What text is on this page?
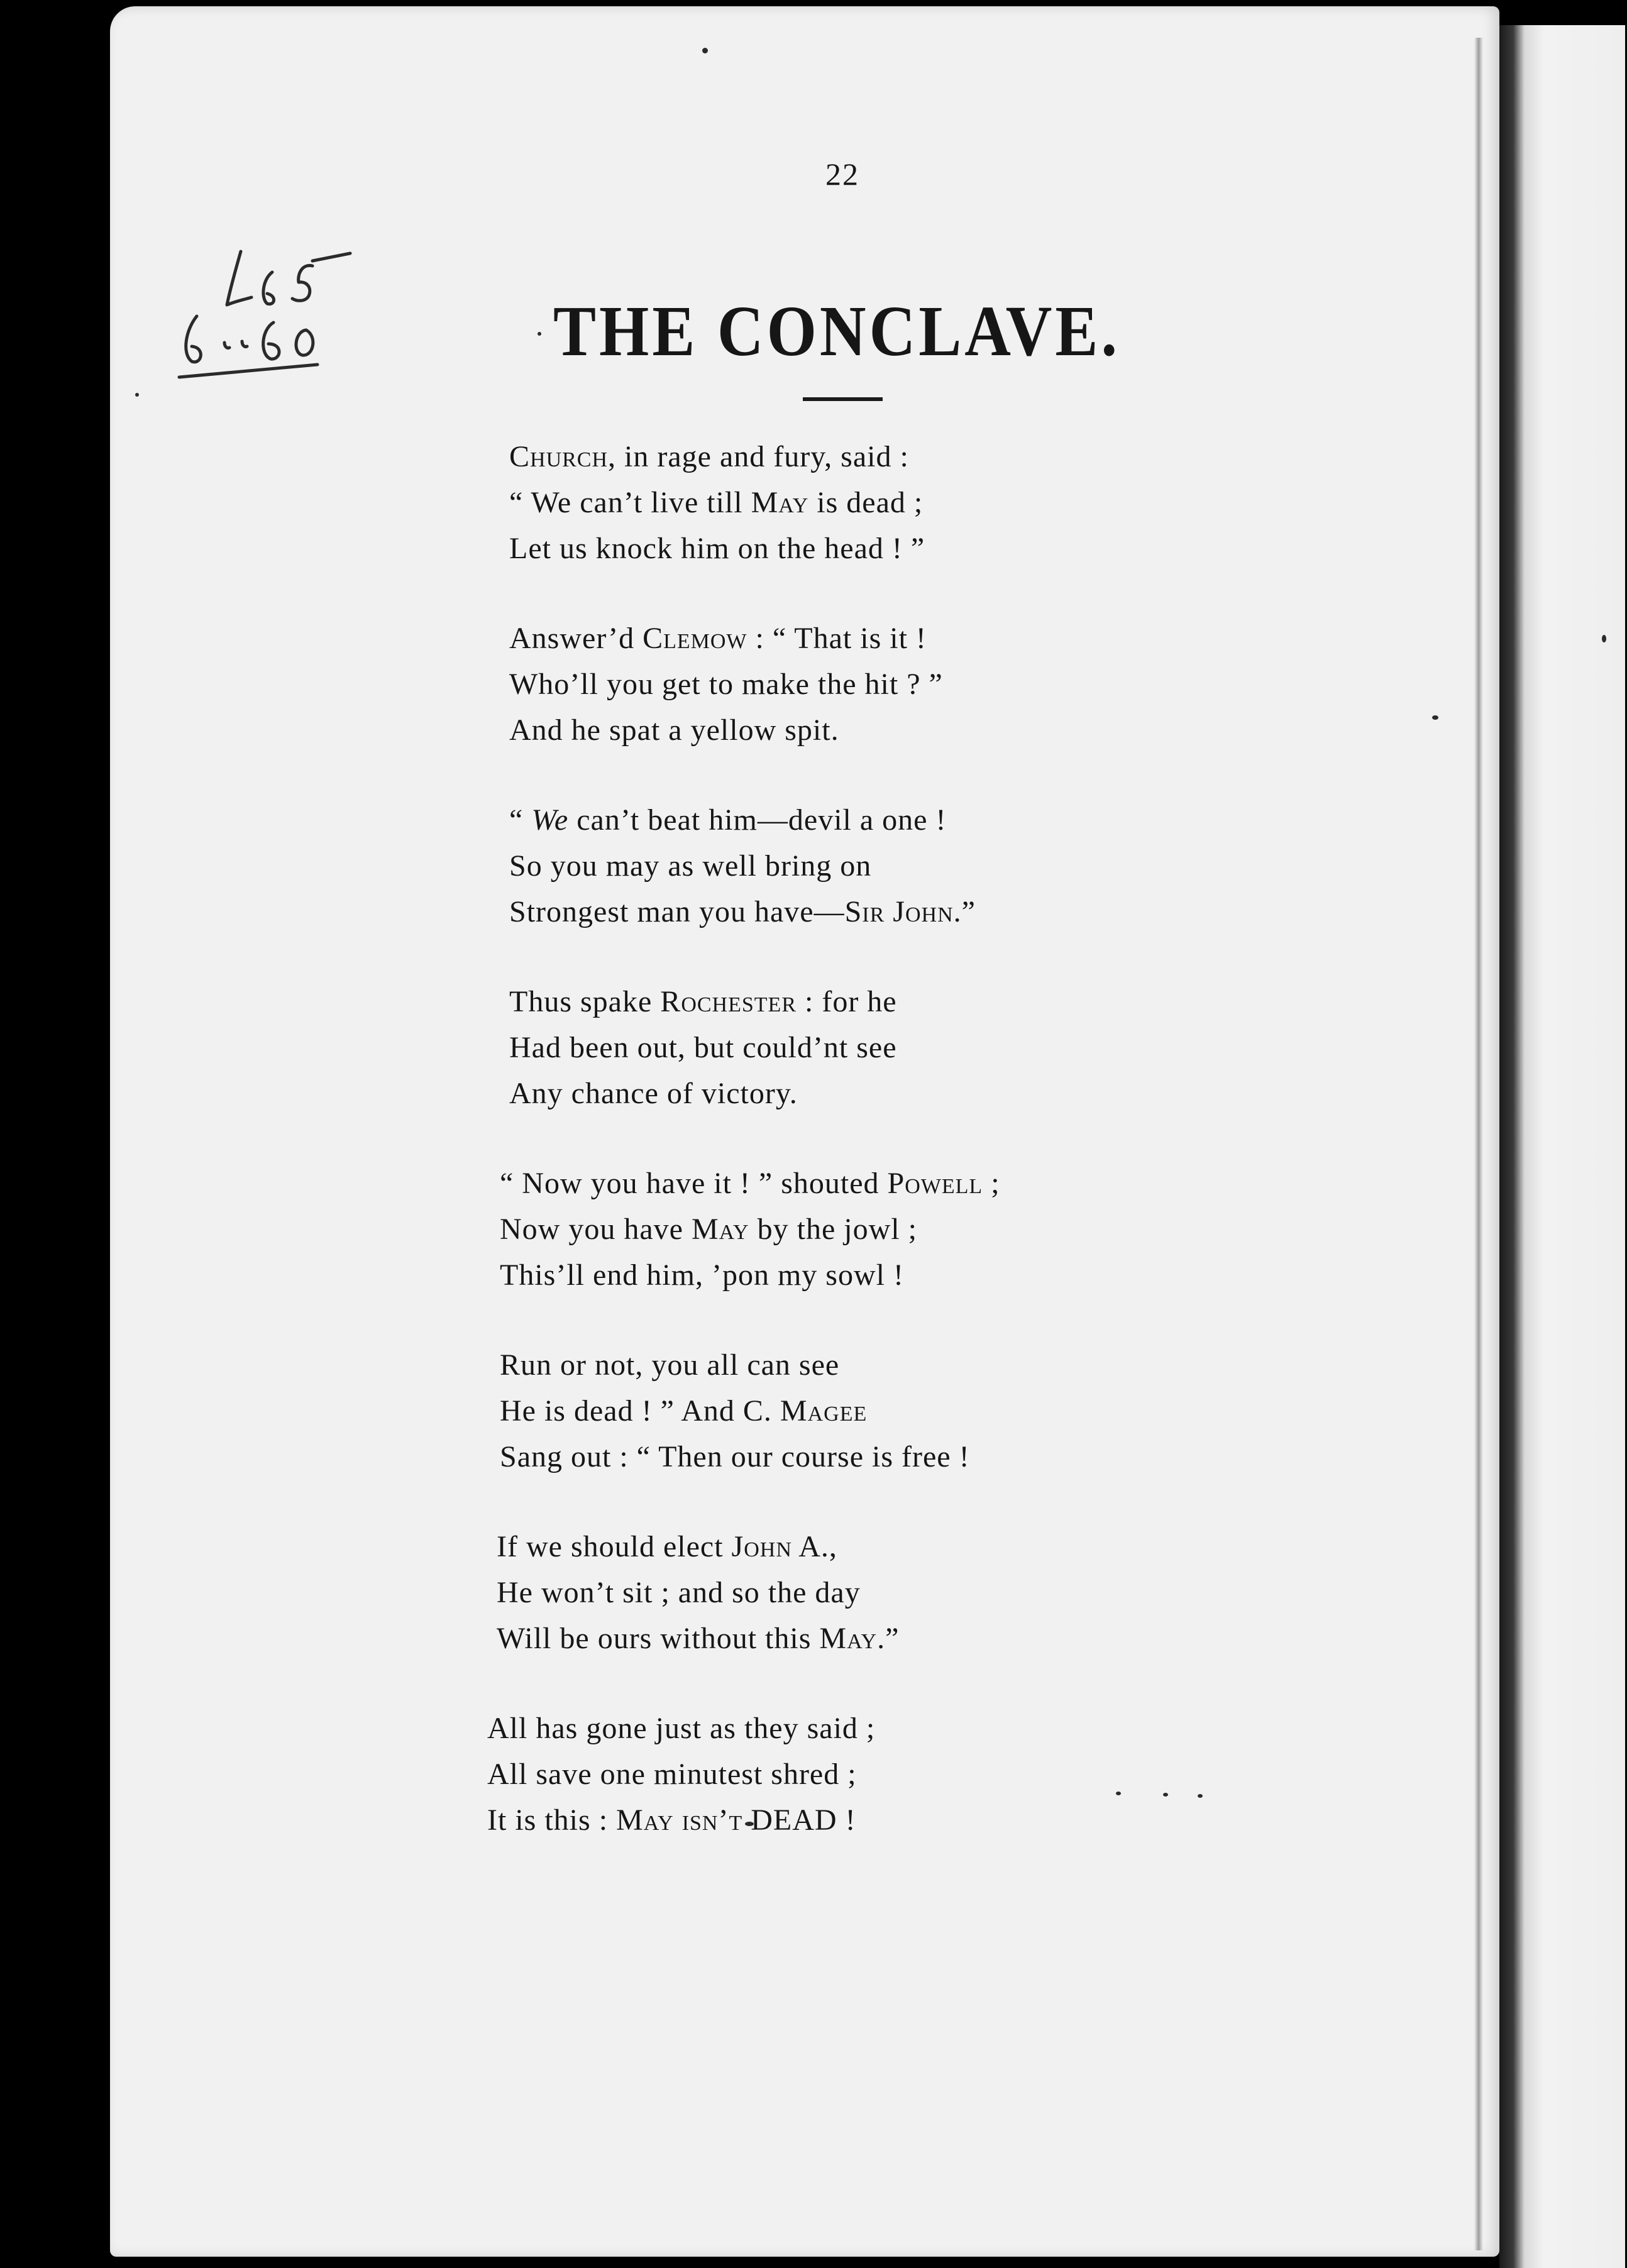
22
THE CONCLAVE.
Church, in rage and fury, said :
“ We can’t live till May is dead ;
Let us knock him on the head ! ”
Answer’d Clemow : “ That is it !
Who’ll you get to make the hit ? ”
And he spat a yellow spit.
“ We can’t beat him—devil a one !
So you may as well bring on
Strongest man you have—Sir John.”
Thus spake Rochester : for he
Had been out, but could’nt see
Any chance of victory.
“ Now you have it ! ” shouted Powell ;
Now you have May by the jowl ;
This’ll end him, ’pon my sowl !
Run or not, you all can see
He is dead ! ” And C. Magee
Sang out : “ Then our course is free !
If we should elect John A.,
He won’t sit ; and so the day
Will be ours without this May.”
All has gone just as they said ;
All save one minutest shred ;
It is this : May isn’t DEAD !
